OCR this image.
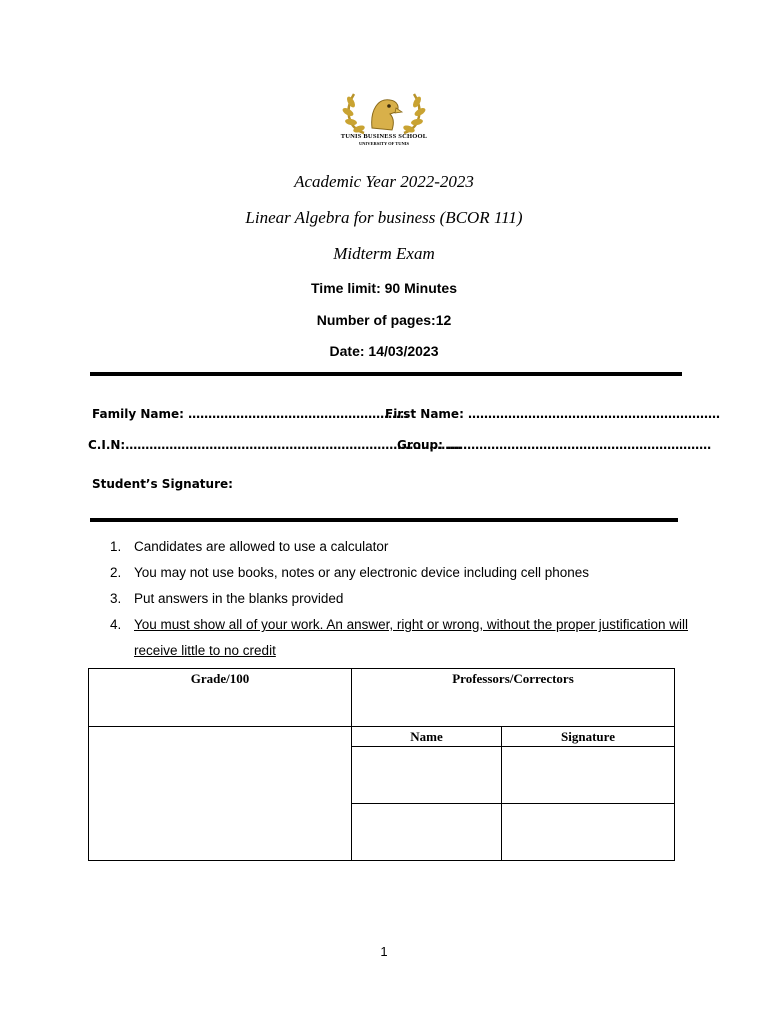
TUNIS BUSINESS SCHOOL
UNIVERSITY OF TUNIS
Academic Year 2022-2023
Linear Algebra for business (BCOR 111)
Midterm Exam
Time limit: 90 Minutes
Number of pages:12
Date: 14/03/2023
Family Name: ……………………………………………….
First Name: ………………………………………………………
C.I.N:…………………………………………………………………………
Group: …………………………………………………………
Student’s Signature:
1. Candidates are allowed to use a calculator
2. You may not use books, notes or any electronic device including cell phones
3. Put answers in the blanks provided
4. You must show all of your work. An answer, right or wrong, without the proper justification will
receive little to no credit
Grade/100	Professors/Correctors	
	Name	Signature

1
